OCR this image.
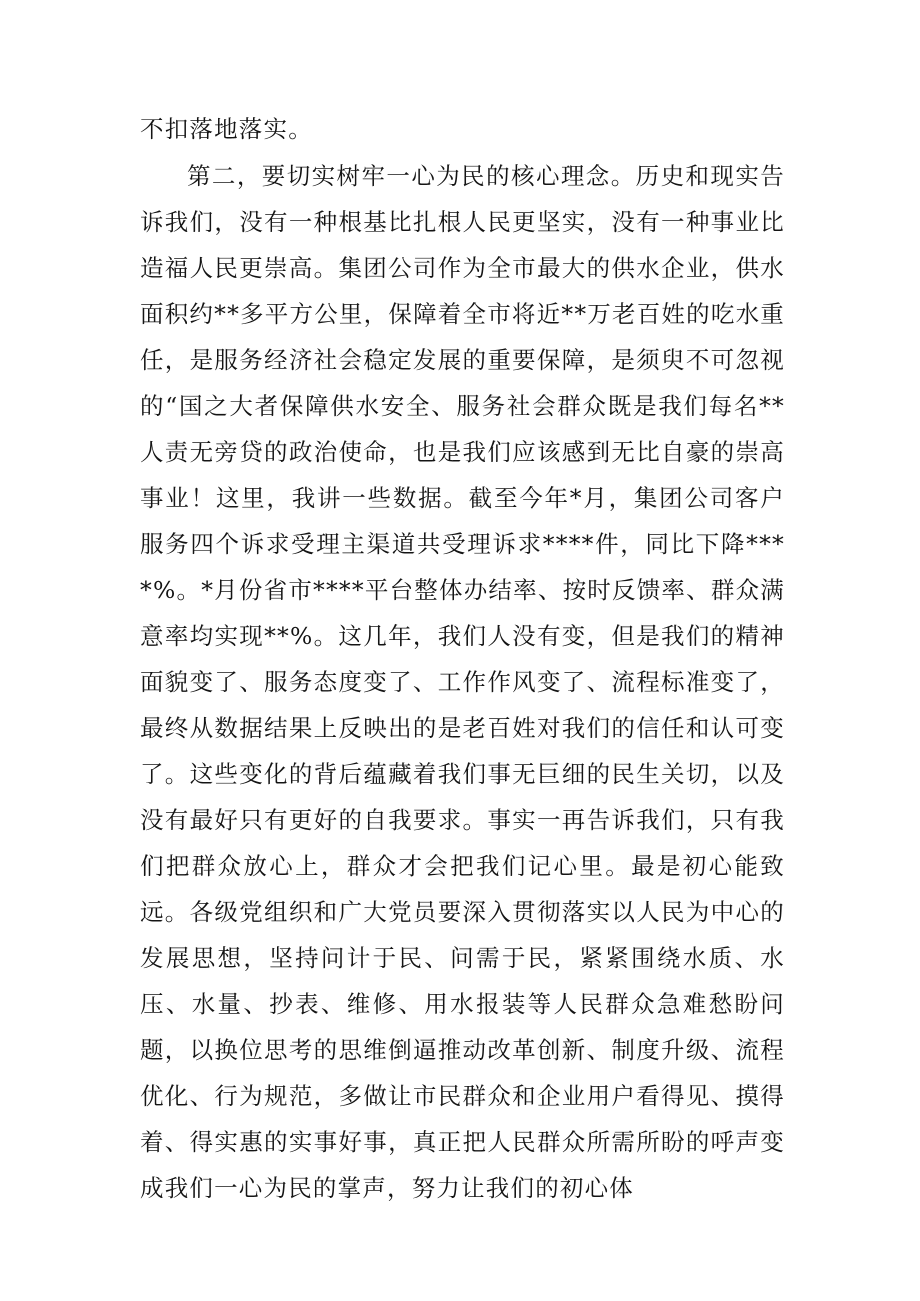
不扣落地落实。

第二，要切实树牢一心为民的核心理念。历史和现实告诉我们，没有一种根基比扎根人民更坚实，没有一种事业比造福人民更崇高。集团公司作为全市最大的供水企业，供水面积约**多平方公里，保障着全市将近**万老百姓的吃水重任，是服务经济社会稳定发展的重要保障，是须臾不可忽视的“国之大者保障供水安全、服务社会群众既是我们每名**人责无旁贷的政治使命，也是我们应该感到无比自豪的崇高事业！这里，我讲一些数据。截至今年*月，集团公司客户服务四个诉求受理主渠道共受理诉求****件，同比下降****%。*月份省市****平台整体办结率、按时反馈率、群众满意率均实现**%。这几年，我们人没有变，但是我们的精神面貌变了、服务态度变了、工作作风变了、流程标准变了，最终从数据结果上反映出的是老百姓对我们的信任和认可变了。这些变化的背后蕴藏着我们事无巨细的民生关切，以及没有最好只有更好的自我要求。事实一再告诉我们，只有我们把群众放心上，群众才会把我们记心里。最是初心能致远。各级党组织和广大党员要深入贯彻落实以人民为中心的发展思想，坚持问计于民、问需于民，紧紧围绕水质、水压、水量、抄表、维修、用水报装等人民群众急难愁盼问题，以换位思考的思维倒逼推动改革创新、制度升级、流程优化、行为规范，多做让市民群众和企业用户看得见、摸得着、得实惠的实事好事，真正把人民群众所需所盼的呼声变成我们一心为民的掌声，努力让我们的初心体
